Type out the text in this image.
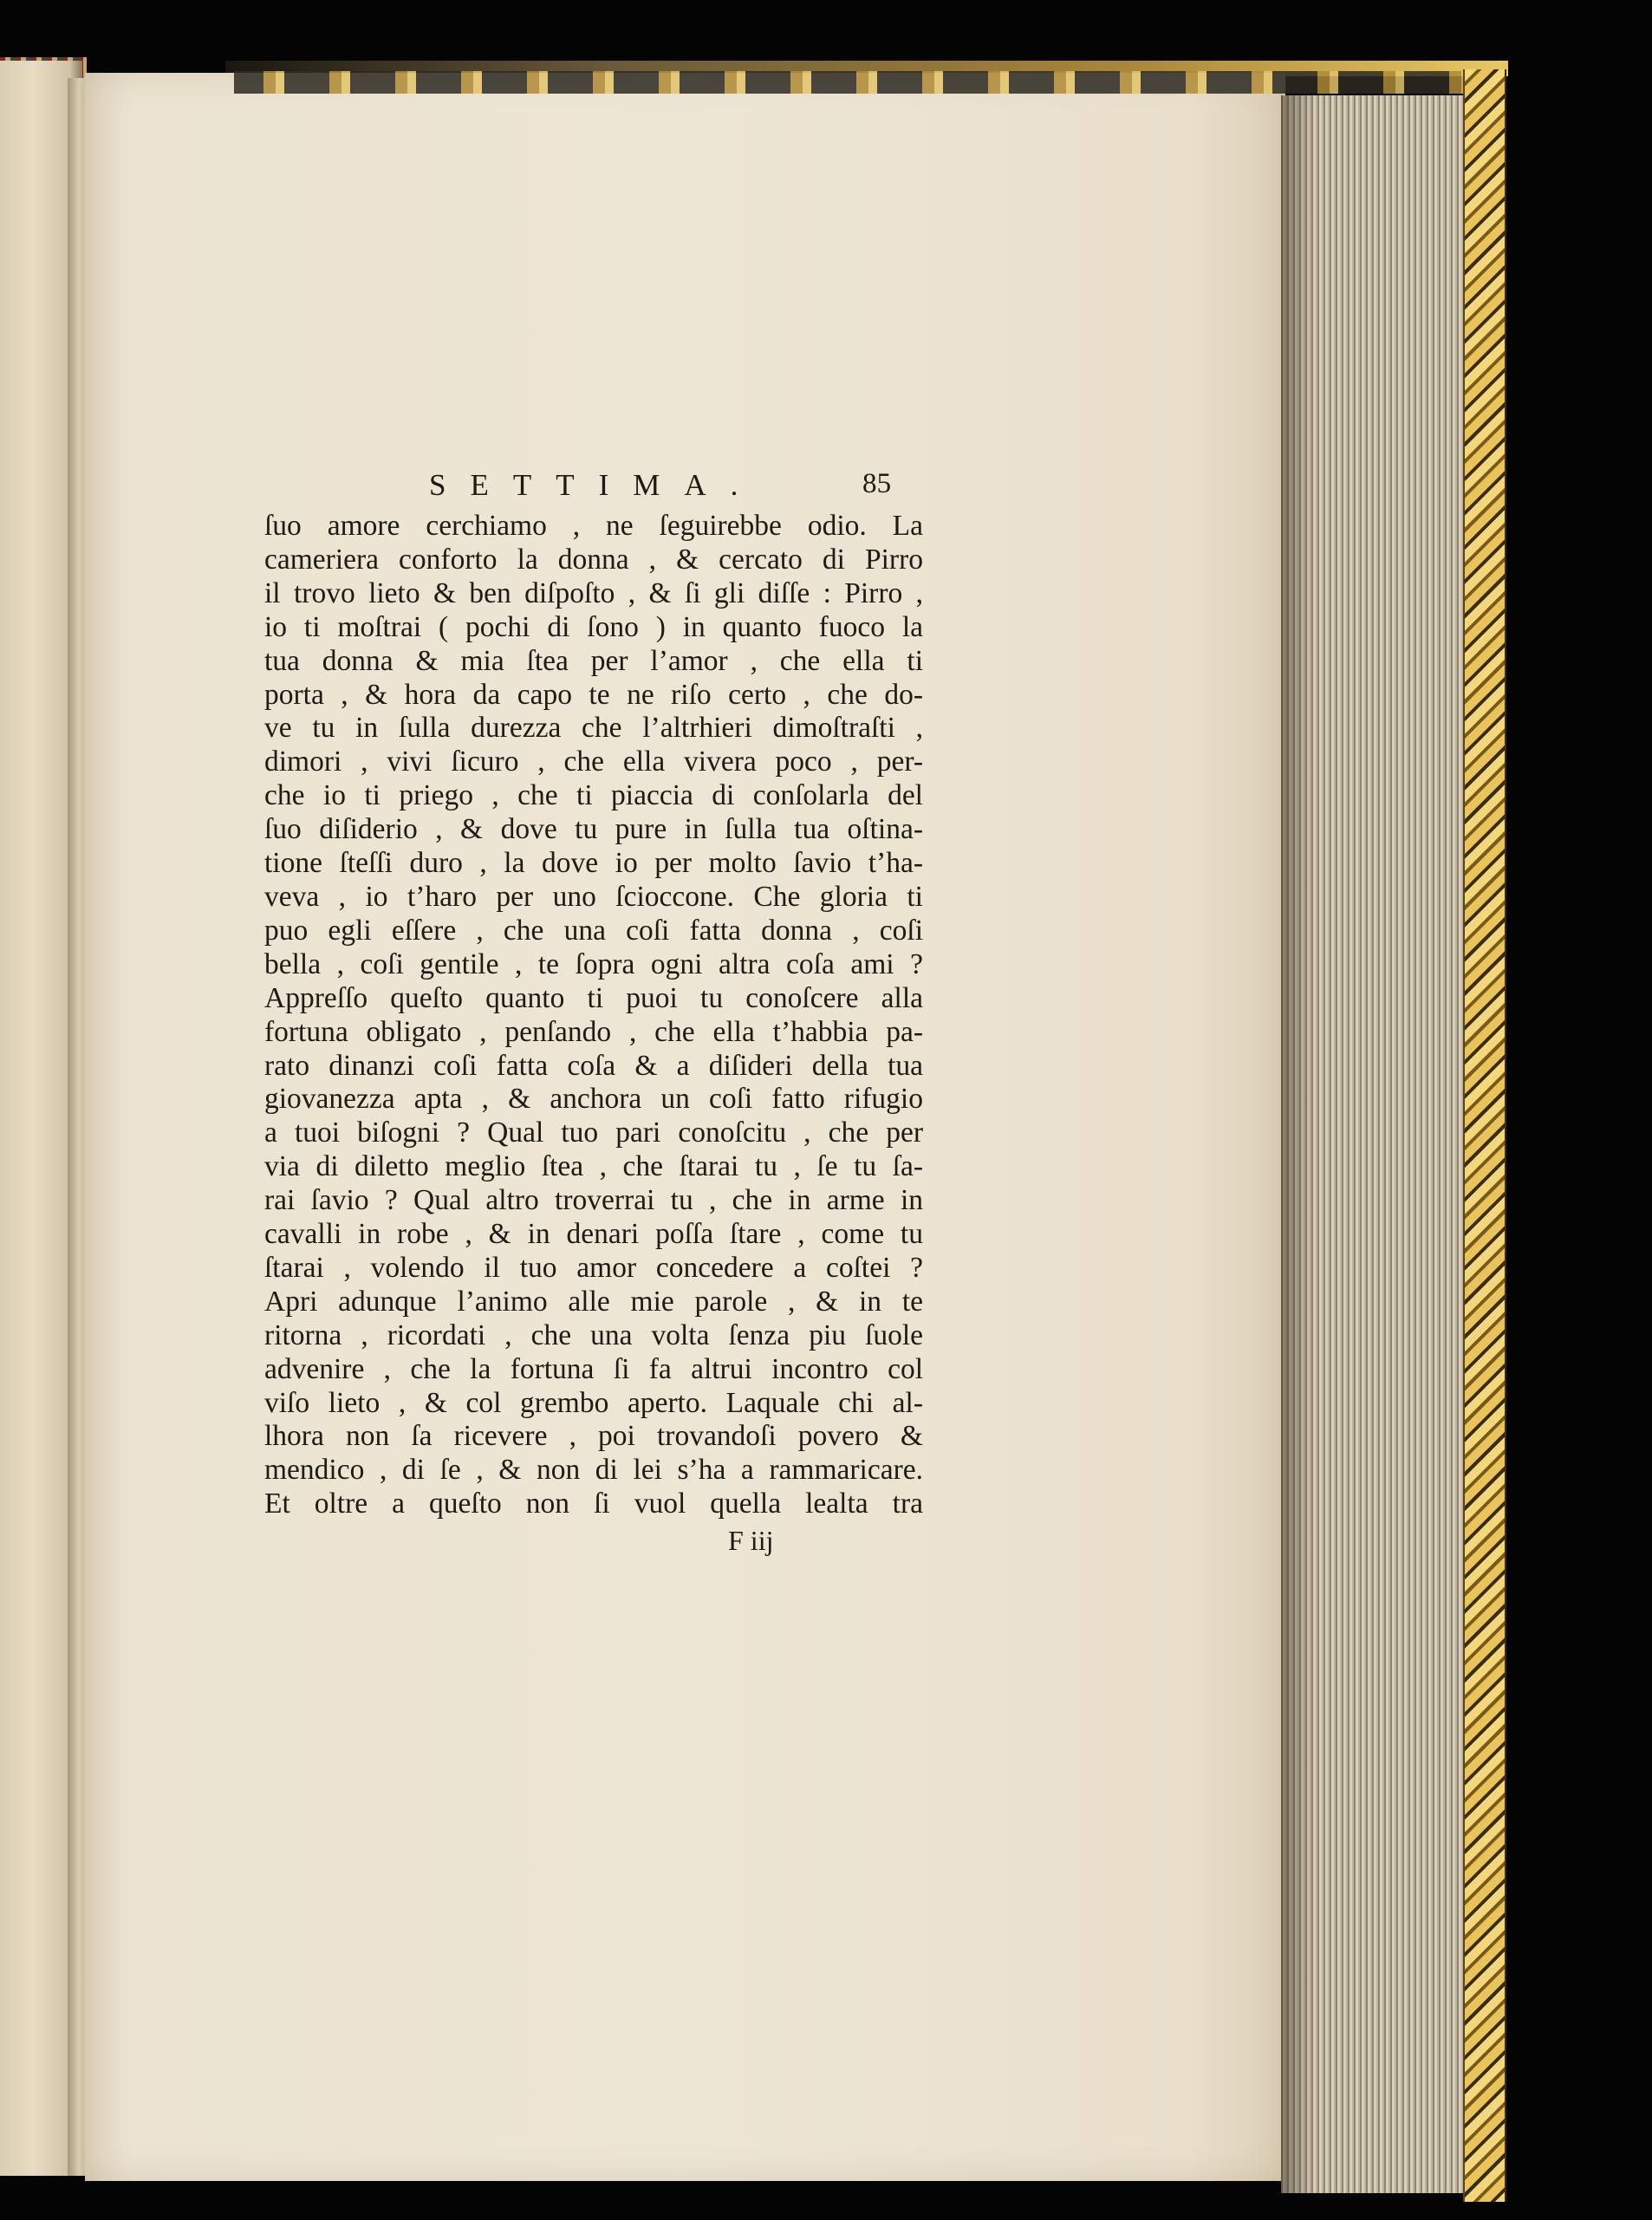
SETTIMA.	85
ſuo amore cerchiamo , ne ſeguirebbe odio. La
cameriera conforto la donna , & cercato di Pirro
il trovo lieto & ben diſpoſto , & ſi gli diſſe : Pirro ,
io ti moſtrai ( pochi di ſono ) in quanto fuoco la
tua donna & mia ſtea per l’amor , che ella ti
porta , & hora da capo te ne riſo certo , che do-
ve tu in ſulla durezza che l’altrhieri dimoſtraſti ,
dimori , vivi ſicuro , che ella vivera poco , per-
che io ti priego , che ti piaccia di conſolarla del
ſuo diſiderio , & dove tu pure in ſulla tua oſtina-
tione ſteſſi duro , la dove io per molto ſavio t’ha-
veva , io t’haro per uno ſcioccone. Che gloria ti
puo egli eſſere , che una coſi fatta donna , coſi
bella , coſi gentile , te ſopra ogni altra coſa ami ?
Appreſſo queſto quanto ti puoi tu conoſcere alla
fortuna obligato , penſando , che ella t’habbia pa-
rato dinanzi coſi fatta coſa & a diſideri della tua
giovanezza apta , & anchora un coſi fatto rifugio
a tuoi biſogni ? Qual tuo pari conoſcitu , che per
via di diletto meglio ſtea , che ſtarai tu , ſe tu ſa-
rai ſavio ? Qual altro troverrai tu , che in arme in
cavalli in robe , & in denari poſſa ſtare , come tu
ſtarai , volendo il tuo amor concedere a coſtei ?
Apri adunque l’animo alle mie parole , & in te
ritorna , ricordati , che una volta ſenza piu ſuole
advenire , che la fortuna ſi fa altrui incontro col
viſo lieto , & col grembo aperto. Laquale chi al-
lhora non ſa ricevere , poi trovandoſi povero &
mendico , di ſe , & non di lei s’ha a rammaricare.
Et oltre a queſto non ſi vuol quella lealta tra
F iij
